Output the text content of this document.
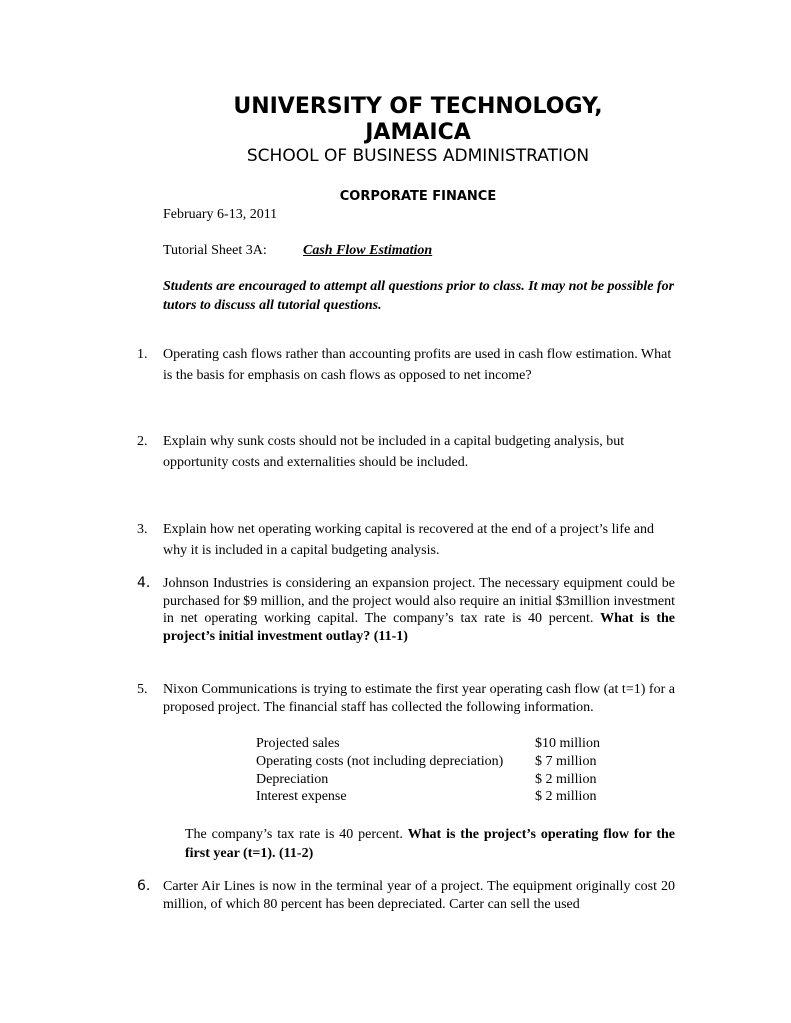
UNIVERSITY OF TECHNOLOGY,
JAMAICA
SCHOOL OF BUSINESS ADMINISTRATION
CORPORATE FINANCE
February 6-13, 2011
Tutorial Sheet 3A:	Cash Flow Estimation
Students are encouraged to attempt all questions prior to class. It may not be possible for tutors to discuss all tutorial questions.
1. Operating cash flows rather than accounting profits are used in cash flow estimation. What is the basis for emphasis on cash flows as opposed to net income?

2. Explain why sunk costs should not be included in a capital budgeting analysis, but opportunity costs and externalities should be included.

3. Explain how net operating working capital is recovered at the end of a project’s life and why it is included in a capital budgeting analysis.

4. Johnson Industries is considering an expansion project. The necessary equipment could be purchased for $9 million, and the project would also require an initial $3million investment in net operating working capital. The company’s tax rate is 40 percent. What is the project’s initial investment outlay? (11-1)

5. Nixon Communications is trying to estimate the first year operating cash flow (at t=1) for a proposed project. The financial staff has collected the following information.

Projected sales	$10 million
Operating costs (not including depreciation) $ 7 million
Depreciation	$ 2 million
Interest expense	$ 2 million
The company’s tax rate is 40 percent. What is the project’s operating flow for the first year (t=1). (11-2)
6. Carter Air Lines is now in the terminal year of a project. The equipment originally cost 20 million, of which 80 percent has been depreciated. Carter can sell the used
